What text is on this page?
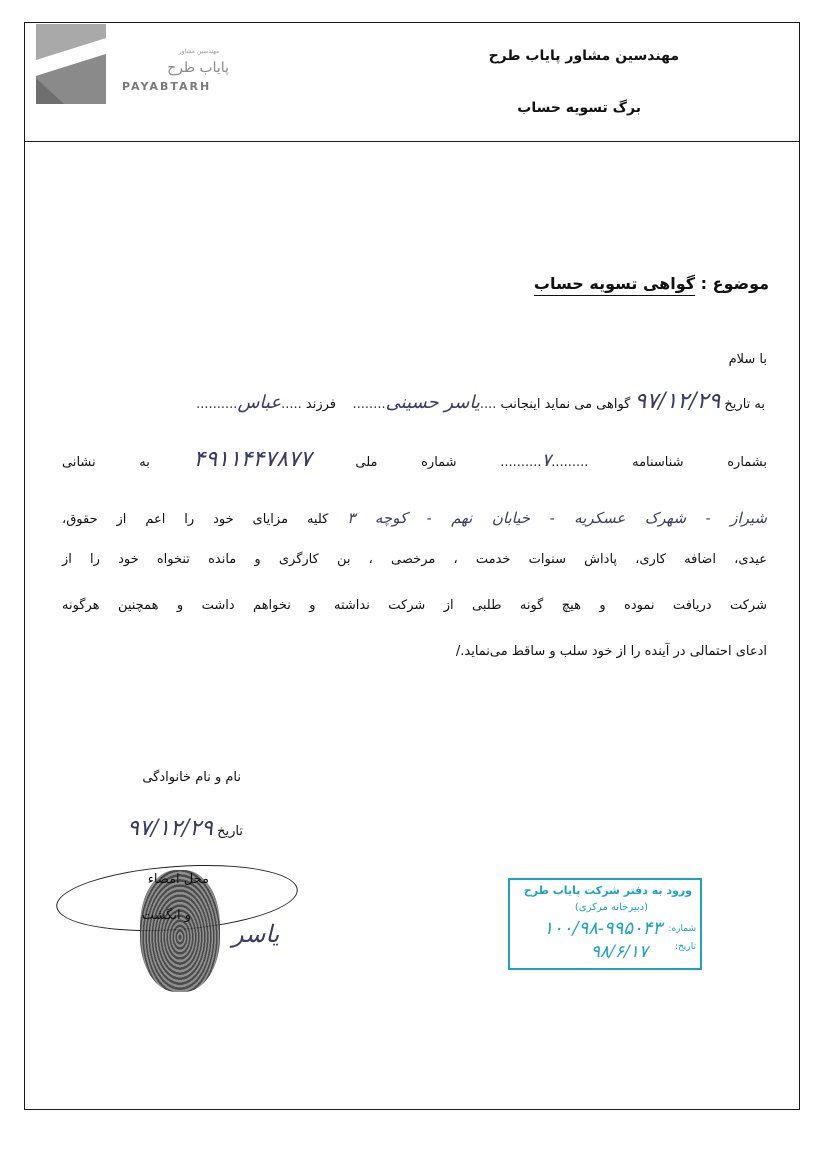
مهندسین مشاور
پایاب طرح
PAYABTARH
مهندسین مشاور پایاب طرح
برگ تسویه حساب
موضوع : گواهی تسویه حساب
با سلام
به تاریخ ۹۷/۱۲/۲۹ گواهی می نماید اینجانب ....یاسر حسینی........    فرزند .....عباس..........
بشماره شناسنامه .........۷.......... شماره ملی ۴۹۱۱۴۴۷۸۷۷ به نشانی
شیراز - شهرک عسکریه - خیابان نهم - کوچه ۳ کلیه مزایای خود را اعم از حقوق،
عیدی، اضافه کاری، پاداش سنوات خدمت ، مرخصی ، بن کارگری و مانده تنخواه خود را از
شرکت دریافت نموده و هیچ گونه طلبی از شرکت نداشته و نخواهم داشت و همچنین هرگونه
ادعای احتمالی در آینده را از خود سلب و ساقط می‌نماید./
نام و نام خانوادگی
تاریخ ۹۷/۱۲/۲۹
محل امضاء
و انگشت
یاسر
ورود به دفتر شرکت پایاب طرح
(دبیرخانه مرکزی)
شماره:
۱۰۰/۹۸-۹۹۵۰۴۳
تاریخ:
۹۸/۶/۱۷
